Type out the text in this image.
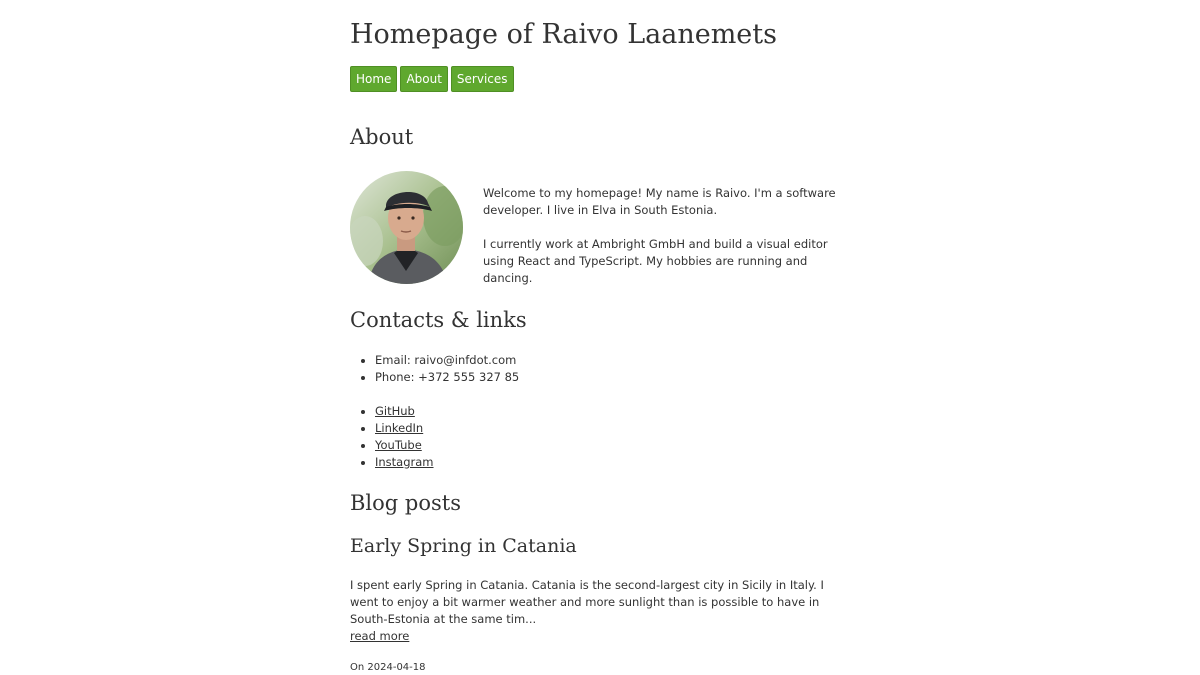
Homepage of Raivo Laanemets
Home	About	Services
About

Welcome to my homepage! My name is Raivo. I'm a software developer. I live in Elva in South Estonia.

I currently work at Ambright GmbH and build a visual editor using React and TypeScript. My hobbies are running and dancing.

Contacts & links
• Email: raivo@infdot.com
• Phone: +372 555 327 85
• GitHub
• LinkedIn
• YouTube
• Instagram
Blog posts
Early Spring in Catania

I spent early Spring in Catania. Catania is the second-largest city in Sicily in Italy. I went to enjoy a bit warmer weather and more sunlight than is possible to have in South-Estonia at the same tim...

read more
On 2024-04-18
